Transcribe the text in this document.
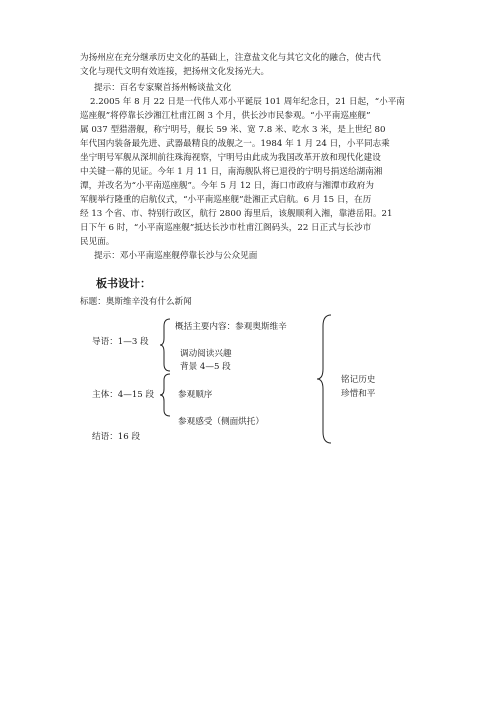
为扬州应在充分继承历史文化的基础上，注意盐文化与其它文化的融合，使古代
文化与现代文明有效连接，把扬州文化发扬光大。
提示：百名专家聚首扬州畅谈盐文化
2.2005 年 8 月 22 日是一代伟人邓小平诞辰 101 周年纪念日，21 日起，“小平南
巡座舰”将停靠长沙湘江杜甫江阁 3 个月，供长沙市民参观。“小平南巡座舰”
属 037 型猎潜舰，称宁明号，舰长 59 米、宽 7.8 米、吃水 3 米，是上世纪 80
年代国内装备最先进、武器最精良的战舰之一。1984 年 1 月 24 日，小平同志乘
坐宁明号军舰从深圳前往珠海视察，宁明号由此成为我国改革开放和现代化建设
中关键一幕的见证。今年 1 月 11 日，南海舰队将已退役的宁明号捐送给湖南湘
潭，并改名为“小平南巡座舰”。今年 5 月 12 日，海口市政府与湘潭市政府为
军舰举行隆重的启航仪式，“小平南巡座舰”赴湘正式启航。6 月 15 日，在历
经 13 个省、市、特别行政区，航行 2800 海里后，该舰顺利入湘，靠港岳阳。21
日下午 6 时，“小平南巡座舰”抵达长沙市杜甫江阁码头，22 日正式与长沙市
民见面。
提示：邓小平南巡座舰停靠长沙与公众见面
板书设计：
标题：奥斯维辛没有什么新闻
导语：1—3 段
概括主要内容：参观奥斯维辛
调动阅读兴趣
背景 4—5 段
主体：4—15 段	参观顺序
参观感受（侧面烘托）
结语：16 段
铭记历史
珍惜和平
